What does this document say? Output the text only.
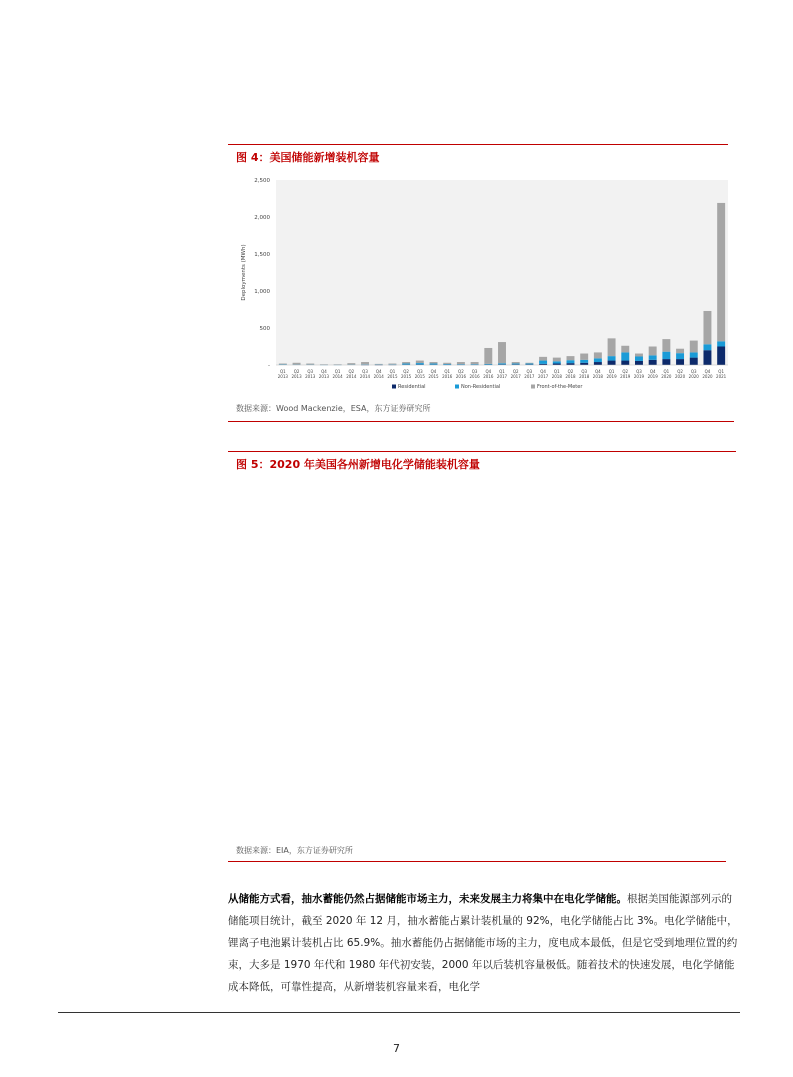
图 4：美国储能新增装机容量
-
500
1,000
1,500
2,000
2,500
Deployments (MWh)
Q1
2013
Q2
2013
Q3
2013
Q4
2013
Q1
2014
Q2
2014
Q3
2014
Q4
2014
Q1
2015
Q2
2015
Q3
2015
Q4
2015
Q1
2016
Q2
2016
Q3
2016
Q4
2016
Q1
2017
Q2
2017
Q3
2017
Q4
2017
Q1
2018
Q2
2018
Q3
2018
Q4
2018
Q1
2019
Q2
2019
Q3
2019
Q4
2019
Q1
2020
Q2
2020
Q3
2020
Q4
2020
Q1
2021
Residential	Non-Residential	Front-of-the-Meter
数据来源：Wood Mackenzie，ESA，东方证券研究所
图 5：2020 年美国各州新增电化学储能装机容量
数据来源：EIA，东方证券研究所
从储能方式看，抽水蓄能仍然占据储能市场主力，未来发展主力将集中在电化学储能。根据美国能源部列示的储能项目统计，截至 2020 年 12 月，抽水蓄能占累计装机量的 92%，电化学储能占比 3%。电化学储能中，锂离子电池累计装机占比 65.9%。抽水蓄能仍占据储能市场的主力，度电成本最低，但是它受到地理位置的约束，大多是 1970 年代和 1980 年代初安装，2000 年以后装机容量极低。随着技术的快速发展，电化学储能成本降低，可靠性提高，从新增装机容量来看，电化学
7
